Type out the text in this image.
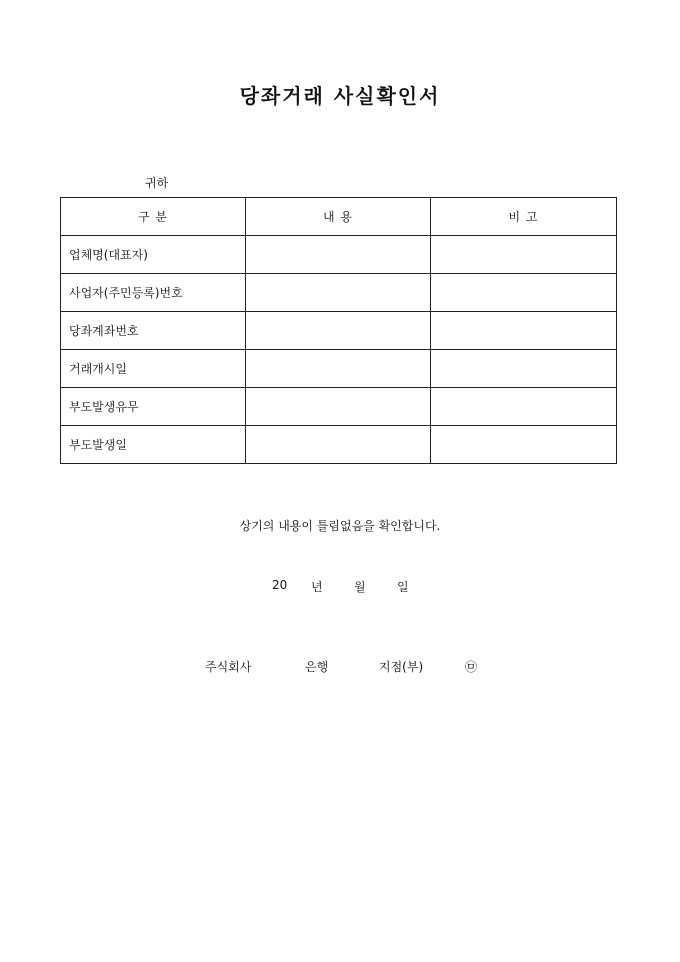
당좌거래 사실확인서
귀하
구 분	내 용	비 고
업체명(대표자)		
사업자(주민등록)번호		
당좌계좌번호		
거래개시일		
부도발생유무		
부도발생일		
상기의 내용이 틀림없음을 확인합니다.
20 년	월	일
주식회사	은행	지점(부)	㉤
